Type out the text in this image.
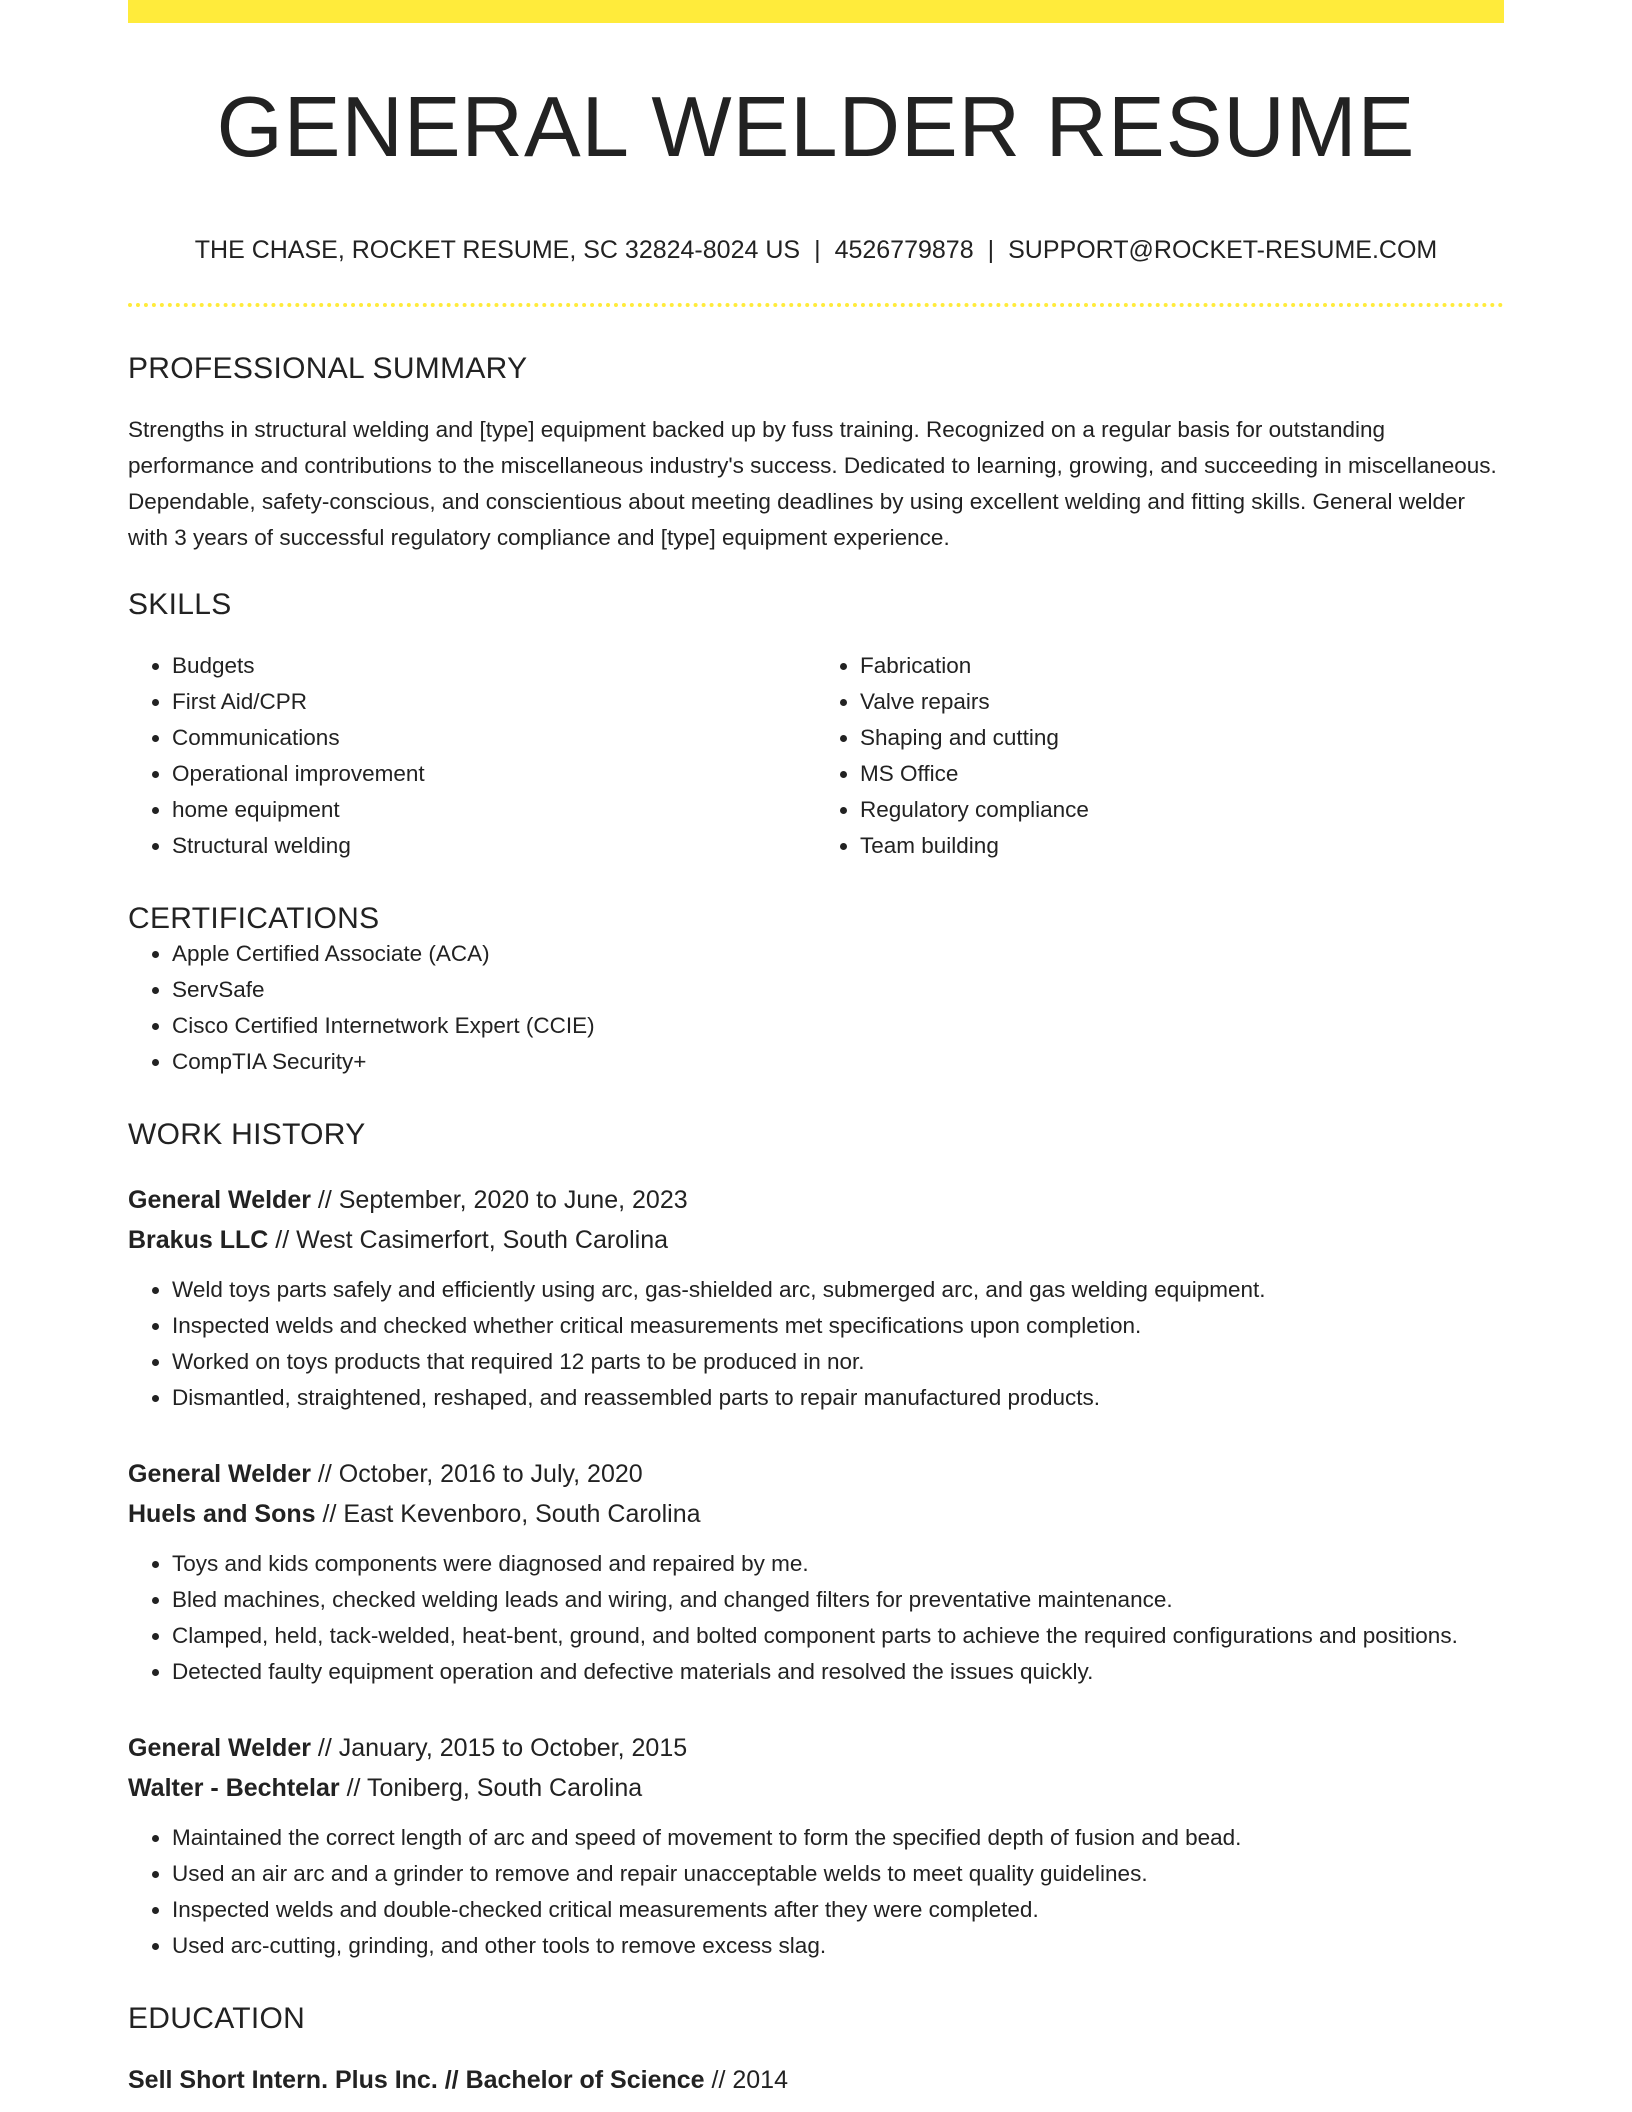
GENERAL WELDER RESUME
THE CHASE, ROCKET RESUME, SC 32824-8024 US | 4526779878 | SUPPORT@ROCKET-RESUME.COM
PROFESSIONAL SUMMARY
Strengths in structural welding and [type] equipment backed up by fuss training. Recognized on a regular basis for outstanding performance and contributions to the miscellaneous industry's success. Dedicated to learning, growing, and succeeding in miscellaneous. Dependable, safety-conscious, and conscientious about meeting deadlines by using excellent welding and fitting skills. General welder with 3 years of successful regulatory compliance and [type] equipment experience.
SKILLS
• Budgets
• First Aid/CPR
• Communications
• Operational improvement
• home equipment
• Structural welding
• Fabrication
• Valve repairs
• Shaping and cutting
• MS Office
• Regulatory compliance
• Team building
CERTIFICATIONS
• Apple Certified Associate (ACA)
• ServSafe
• Cisco Certified Internetwork Expert (CCIE)
• CompTIA Security+
WORK HISTORY
General Welder // September, 2020 to June, 2023
Brakus LLC // West Casimerfort, South Carolina
• Weld toys parts safely and efficiently using arc, gas-shielded arc, submerged arc, and gas welding equipment.
• Inspected welds and checked whether critical measurements met specifications upon completion.
• Worked on toys products that required 12 parts to be produced in nor.
• Dismantled, straightened, reshaped, and reassembled parts to repair manufactured products.
General Welder // October, 2016 to July, 2020
Huels and Sons // East Kevenboro, South Carolina
• Toys and kids components were diagnosed and repaired by me.
• Bled machines, checked welding leads and wiring, and changed filters for preventative maintenance.
• Clamped, held, tack-welded, heat-bent, ground, and bolted component parts to achieve the required configurations and positions.
• Detected faulty equipment operation and defective materials and resolved the issues quickly.
General Welder // January, 2015 to October, 2015
Walter - Bechtelar // Toniberg, South Carolina
• Maintained the correct length of arc and speed of movement to form the specified depth of fusion and bead.
• Used an air arc and a grinder to remove and repair unacceptable welds to meet quality guidelines.
• Inspected welds and double-checked critical measurements after they were completed.
• Used arc-cutting, grinding, and other tools to remove excess slag.
EDUCATION
Sell Short Intern. Plus Inc. // Bachelor of Science // 2014
